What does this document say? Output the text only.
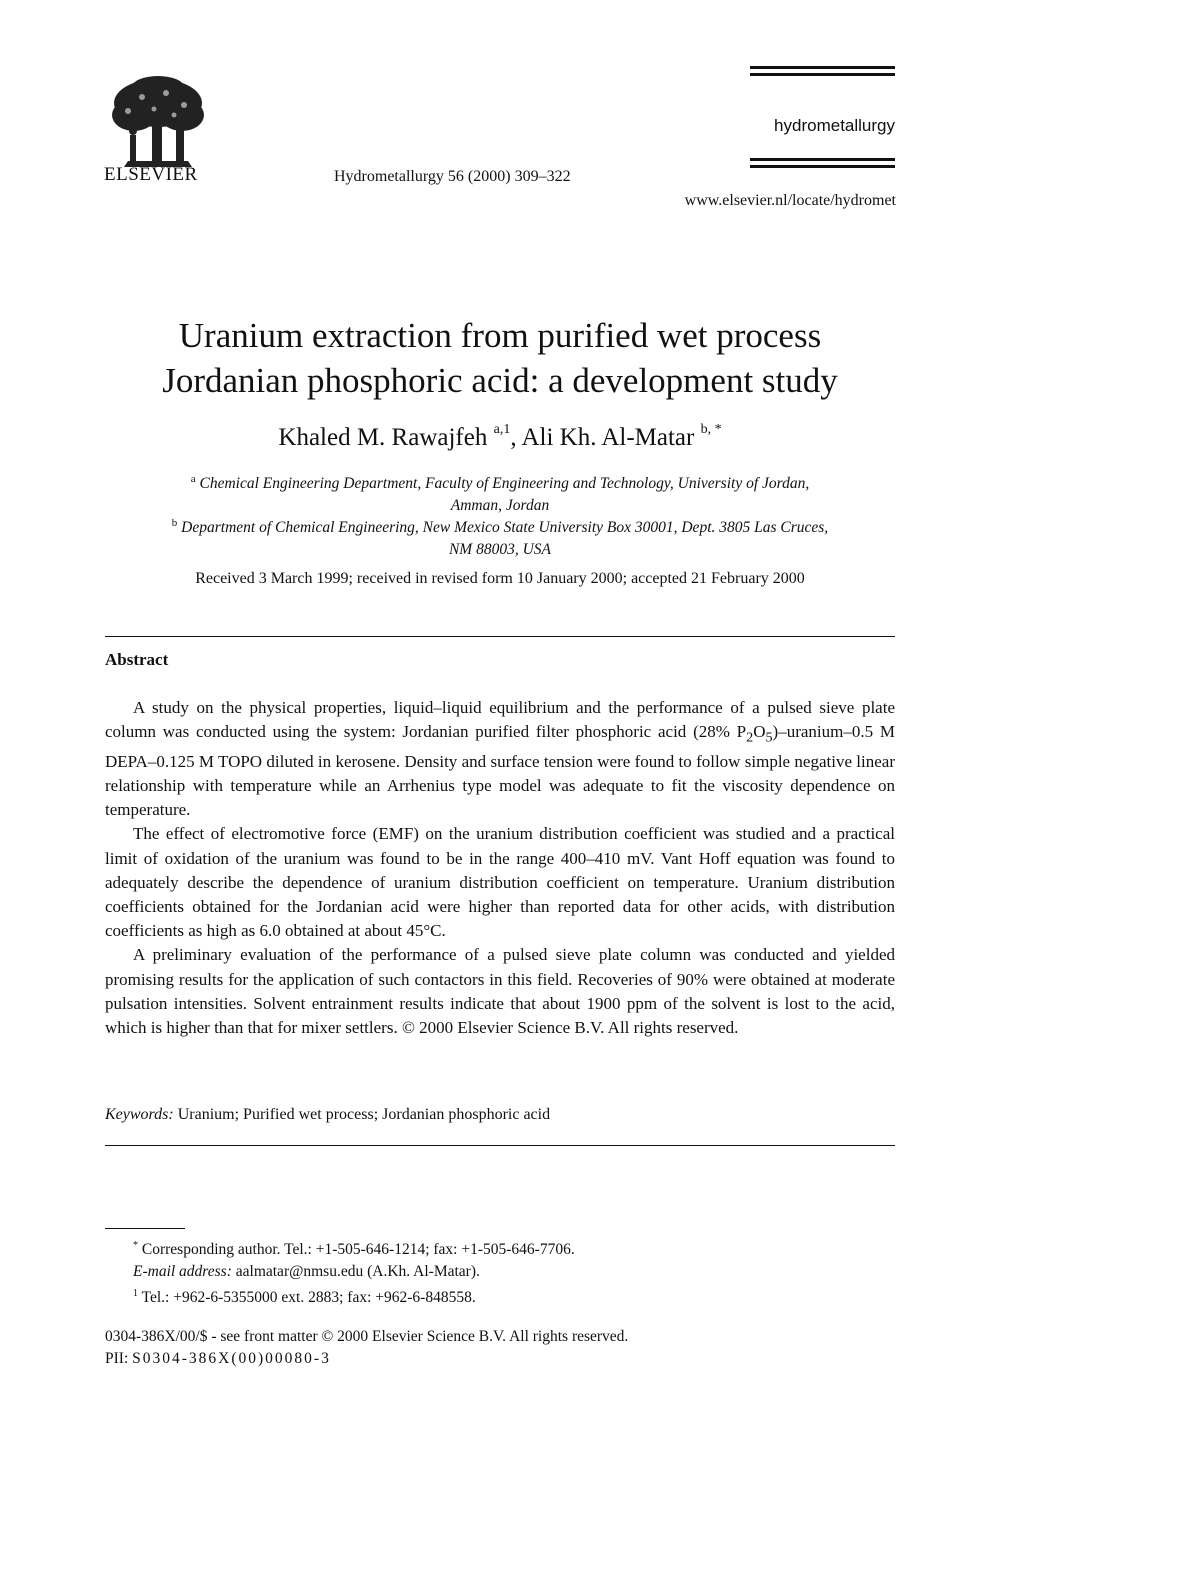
ELSEVIER	Hydrometallurgy 56 (2000) 309–322
hydrometallurgy
www.elsevier.nl/locate/hydromet
Uranium extraction from purified wet process
Jordanian phosphoric acid: a development study
Khaled M. Rawajfeh $^{a,1}$, Ali Kh. Al-Matar $^{b, *}$
$^a$ Chemical Engineering Department, Faculty of Engineering and Technology, University of Jordan,
Amman, Jordan
$^b$ Department of Chemical Engineering, New Mexico State University Box 30001, Dept. 3805 Las Cruces,
NM 88003, USA
Received 3 March 1999; received in revised form 10 January 2000; accepted 21 February 2000
Abstract

A study on the physical properties, liquid–liquid equilibrium and the performance of a pulsed sieve plate column was conducted using the system: Jordanian purified filter phosphoric acid (28% $P_2O_5)-uranium-0.5$ M DEPA–0.125 M TOPO diluted in kerosene. Density and surface tension were found to follow simple negative linear relationship with temperature while an Arrhenius type model was adequate to fit the viscosity dependence on temperature.

The effect of electromotive force (EMF) on the uranium distribution coefficient was studied and a practical limit of oxidation of the uranium was found to be in the range 400–410 mV. Vant Hoff equation was found to adequately describe the dependence of uranium distribution coefficient on temperature. Uranium distribution coefficients obtained for the Jordanian acid were higher than reported data for other acids, with distribution coefficients as high as 6.0 obtained at about 45°C.

A preliminary evaluation of the performance of a pulsed sieve plate column was conducted and yielded promising results for the application of such contactors in this field. Recoveries of 90% were obtained at moderate pulsation intensities. Solvent entrainment results indicate that about 1900 ppm of the solvent is lost to the acid, which is higher than that for mixer settlers. © 2000 Elsevier Science B.V. All rights reserved.

Keywords: Uranium; Purified wet process; Jordanian phosphoric acid
* Corresponding author. Tel.: +1-505-646-1214; fax: +1-505-646-7706.
E-mail address: aalmatar@nmsu.edu (A.Kh. Al-Matar).
$^1$ Tel.: +962-6-5355000 ext. 2883; fax: +962-6-848558.
0304-386X/00/$ - see front matter © 2000 Elsevier Science B.V. All rights reserved.
PII: S0304-386X(00)00080-3
